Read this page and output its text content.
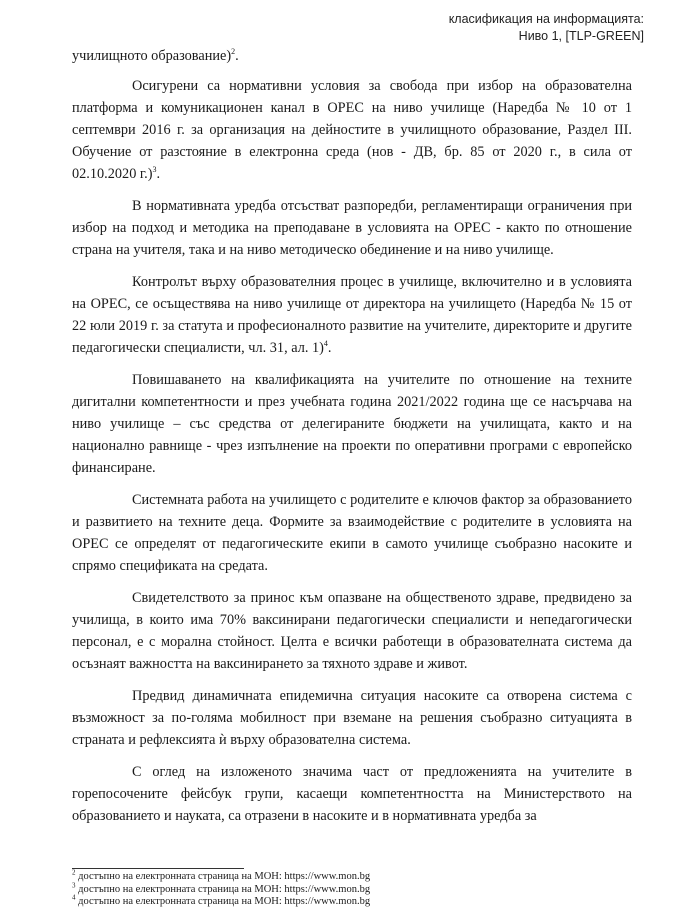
класификация на информацията:
Ниво 1, [TLP-GREEN]

училищното образование)$^2$.

Осигурени са нормативни условия за свобода при избор на образователна платформа и комуникационен канал в ОРЕС на ниво училище (Наредба № 10 от 1 септември 2016 г. за организация на дейностите в училищното образование, Раздел III. Обучение от разстояние в електронна среда (нов - ДВ, бр. 85 от 2020 г., в сила от 02.10.2020 г.)$^3$.

В нормативната уредба отсъстват разпоредби, регламентиращи ограничения при избор на подход и методика на преподаване в условията на ОРЕС - както по отношение страна на учителя, така и на ниво методическо обединение и на ниво училище.

Контролът върху образователния процес в училище, включително и в условията на ОРЕС, се осъществява на ниво училище от директора на училището (Наредба № 15 от 22 юли 2019 г. за статута и професионалното развитие на учителите, директорите и другите педагогически специалисти, чл. 31, ал. 1)$^4$.

Повишаването на квалификацията на учителите по отношение на техните дигитални компетентности и през учебната година 2021/2022 година ще се насърчава на ниво училище – със средства от делегираните бюджети на училищата, както и на национално равнище - чрез изпълнение на проекти по оперативни програми с европейско финансиране.

Системната работа на училището с родителите е ключов фактор за образованието и развитието на техните деца. Формите за взаимодействие с родителите в условията на ОРЕС се определят от педагогическите екипи в самото училище съобразно насоките и спрямо спецификата на средата.

Свидетелството за принос към опазване на общественото здраве, предвидено за училища, в които има 70% ваксинирани педагогически специалисти и непедагогически персонал, е с морална стойност. Целта е всички работещи в образователната система да осъзнаят важността на ваксинирането за тяхното здраве и живот.

Предвид динамичната епидемична ситуация насоките са отворена система с възможност за по-голяма мобилност при вземане на решения съобразно ситуацията в страната и рефлексията ѝ върху образователна система.

С оглед на изложеното значима част от предложенията на учителите в горепосочените фейсбук групи, касаещи компетентността на Министерството на образованието и науката, са отразени в насоките и в нормативната уредба за

$^2$ достъпно на електронната страница на МОН: https://www.mon.bg
$^3$ достъпно на електронната страница на МОН: https://www.mon.bg
$^4$ достъпно на електронната страница на МОН: https://www.mon.bg
